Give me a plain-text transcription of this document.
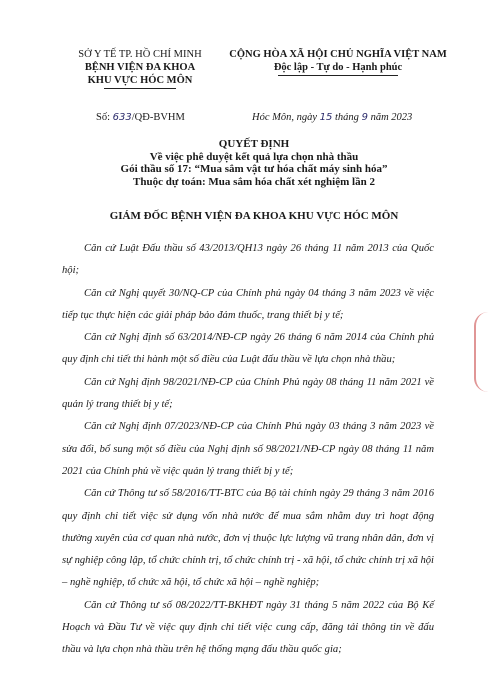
SỞ Y TẾ TP. HỒ CHÍ MINH
BỆNH VIỆN ĐA KHOA
KHU VỰC HÓC MÔN
CỘNG HÒA XÃ HỘI CHỦ NGHĨA VIỆT NAM
Độc lập - Tự do - Hạnh phúc
Số: 633/QĐ-BVHM	Hóc Môn, ngày 15 tháng 9 năm 2023
QUYẾT ĐỊNH
Về việc phê duyệt kết quả lựa chọn nhà thầu
Gói thầu số 17: “Mua sắm vật tư hóa chất máy sinh hóa”
Thuộc dự toán: Mua sắm hóa chất xét nghiệm lần 2
GIÁM ĐỐC BỆNH VIỆN ĐA KHOA KHU VỰC HÓC MÔN

Căn cứ Luật Đấu thầu số 43/2013/QH13 ngày 26 tháng 11 năm 2013 của Quốc hội;

Căn cứ Nghị quyết 30/NQ-CP của Chính phủ ngày 04 tháng 3 năm 2023 về việc tiếp tục thực hiện các giải pháp bảo đảm thuốc, trang thiết bị y tế;

Căn cứ Nghị định số 63/2014/NĐ-CP ngày 26 tháng 6 năm 2014 của Chính phủ quy định chi tiết thi hành một số điều của Luật đấu thầu về lựa chọn nhà thầu;

Căn cứ Nghị định 98/2021/NĐ-CP của Chính Phủ ngày 08 tháng 11 năm 2021 về quản lý trang thiết bị y tế;

Căn cứ Nghị định 07/2023/NĐ-CP của Chính Phủ ngày 03 tháng 3 năm 2023 về sửa đổi, bổ sung một số điều của Nghị định số 98/2021/NĐ-CP ngày 08 tháng 11 năm 2021 của Chính phủ về việc quản lý trang thiết bị y tế;

Căn cứ Thông tư số 58/2016/TT-BTC của Bộ tài chính ngày 29 tháng 3 năm 2016 quy định chi tiết việc sử dụng vốn nhà nước để mua sắm nhằm duy trì hoạt động thường xuyên của cơ quan nhà nước, đơn vị thuộc lực lượng vũ trang nhân dân, đơn vị sự nghiệp công lập, tổ chức chính trị, tổ chức chính trị - xã hội, tổ chức chính trị xã hội – nghề nghiệp, tổ chức xã hội, tổ chức xã hội – nghề nghiệp;

Căn cứ Thông tư số 08/2022/TT-BKHĐT ngày 31 tháng 5 năm 2022 của Bộ Kế Hoạch và Đầu Tư về việc quy định chi tiết việc cung cấp, đăng tải thông tin về đấu thầu và lựa chọn nhà thầu trên hệ thống mạng đấu thầu quốc gia;
